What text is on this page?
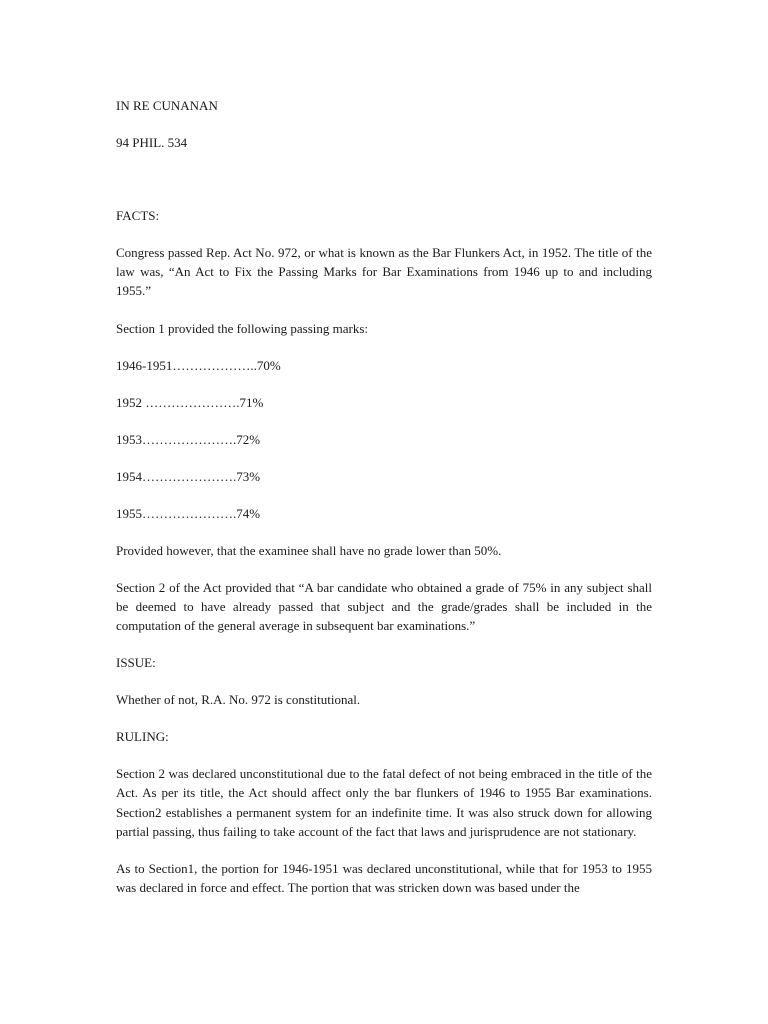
IN RE CUNANAN

94 PHIL. 534

FACTS:

Congress passed Rep. Act No. 972, or what is known as the Bar Flunkers Act, in 1952. The title of the law was, “An Act to Fix the Passing Marks for Bar Examinations from 1946 up to and including 1955.”

Section 1 provided the following passing marks:

1946-1951………………..70%

1952 ………………….71%

1953………………….72%

1954………………….73%

1955………………….74%

Provided however, that the examinee shall have no grade lower than 50%.

Section 2 of the Act provided that “A bar candidate who obtained a grade of 75% in any subject shall be deemed to have already passed that subject and the grade/grades shall be included in the computation of the general average in subsequent bar examinations.”

ISSUE:

Whether of not, R.A. No. 972 is constitutional.

RULING:

Section 2 was declared unconstitutional due to the fatal defect of not being embraced in the title of the Act. As per its title, the Act should affect only the bar flunkers of 1946 to 1955 Bar examinations. Section2 establishes a permanent system for an indefinite time. It was also struck down for allowing partial passing, thus failing to take account of the fact that laws and jurisprudence are not stationary.

As to Section1, the portion for 1946-1951 was declared unconstitutional, while that for 1953 to 1955 was declared in force and effect. The portion that was stricken down was based under the
